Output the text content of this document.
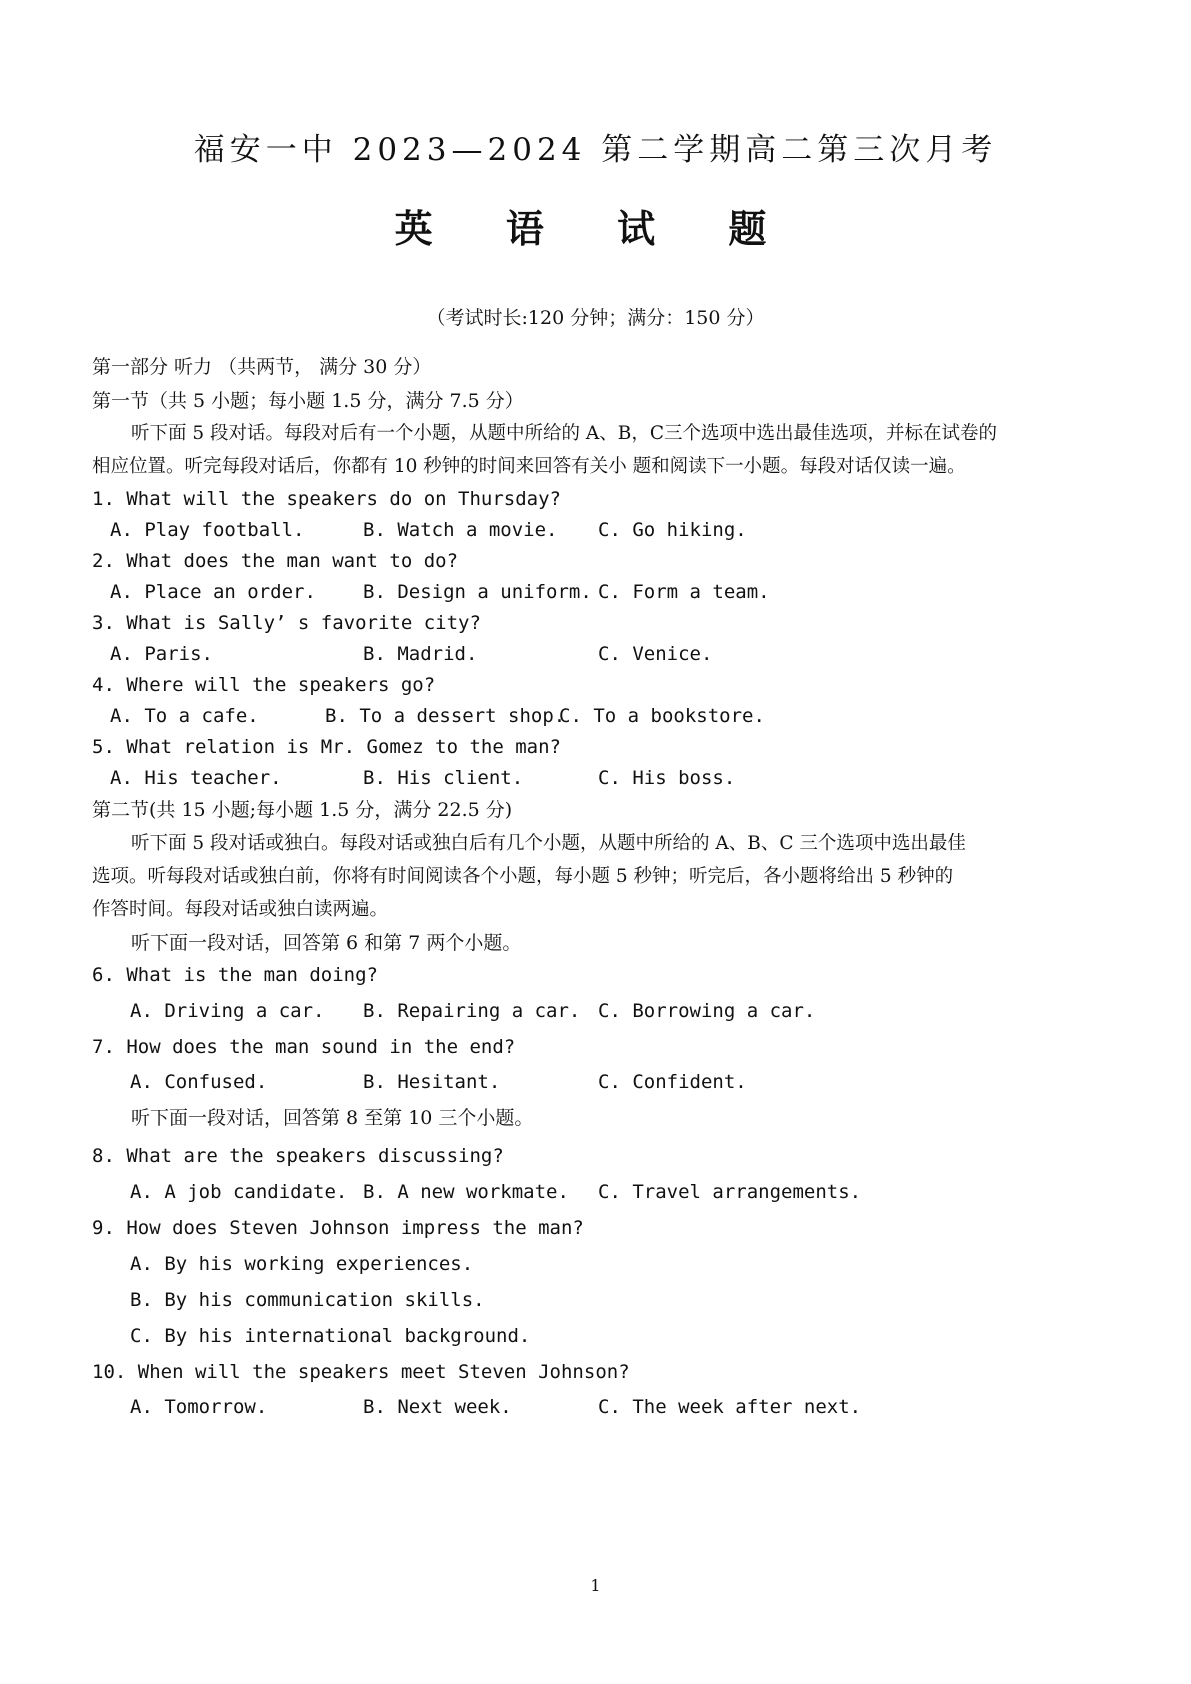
福安一中 2023—2024 第二学期高二第三次月考
英 语 试 题
（考试时长:120 分钟；满分：150 分）
第一部分 听力 （共两节， 满分 30 分）
第一节（共 5 小题；每小题 1.5 分，满分 7.5 分）
听下面 5 段对话。每段对后有一个小题，从题中所给的 A、B，C三个选项中选出最佳选项，并标在试卷的
相应位置。听完每段对话后，你都有 10 秒钟的时间来回答有关小 题和阅读下一小题。每段对话仅读一遍。
1. What will the speakers do on Thursday?
A. Play football.	B. Watch a movie. C. Go hiking.
2. What does the man want to do?
A. Place an order. B. Design a uniform. C. Form a team.
3. What is Sally’ s favorite city?
A. Paris.	B. Madrid.	C. Venice.
4. Where will the speakers go?
A. To a cafe.	B. To a dessert shop.
C. To a bookstore.
5. What relation is Mr. Gomez to the man?
A. His teacher.	B. His client.	C. His boss.
第二节(共 15 小题;每小题 1.5 分，满分 22.5 分)
听下面 5 段对话或独白。每段对话或独白后有几个小题，从题中所给的 A、B、C 三个选项中选出最佳
选项。听每段对话或独白前，你将有时间阅读各个小题，每小题 5 秒钟；听完后，各小题将给出 5 秒钟的
作答时间。每段对话或独白读两遍。
听下面一段对话，回答第 6 和第 7 两个小题。
6. What is the man doing?
A. Driving a car. B. Repairing a car. C. Borrowing a car.
7. How does the man sound in the end?
A. Confused.	B. Hesitant.	C. Confident.
听下面一段对话，回答第 8 至第 10 三个小题。
8. What are the speakers discussing?
A. A job candidate. B. A new workmate. C. Travel arrangements.
9. How does Steven Johnson impress the man?
A. By his working experiences.
B. By his communication skills.
C. By his international background.
10. When will the speakers meet Steven Johnson?
A. Tomorrow.	B. Next week.	C. The week after next.
1
